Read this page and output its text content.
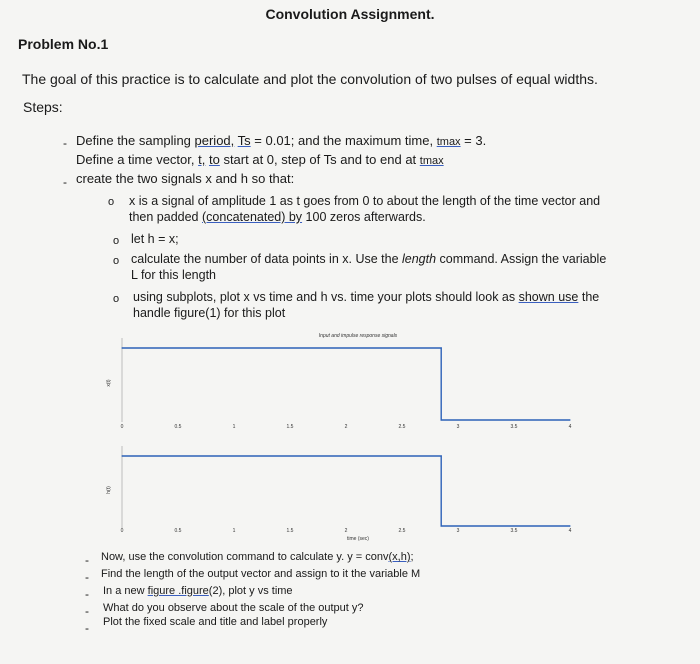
Convolution Assignment.
Problem No.1
The goal of this practice is to calculate and plot the convolution of two pulses of equal widths.
Steps:
- Define the sampling period, Ts = 0.01; and the maximum time, tmax = 3.
Define a time vector, t, to start at 0, step of Ts and to end at tmax
- create the two signals x and h so that:
o x is a signal of amplitude 1 as t goes from 0 to about the length of the time vector and
then padded (concatenated) by 100 zeros afterwards.
o let h = x;
o calculate the number of data points in x. Use the length command. Assign the variable
L for this length
o using subplots, plot x vs time and h vs. time your plots should look as shown use the
handle figure(1) for this plot
0	0.5	1	1.5	2	2.5	3	3.5	4
x(t)
Input and impulse response signals
0	0.5	1	1.5	2	2.5	3	3.5	4
h(t)
time (sec)
- Now, use the convolution command to calculate y. y = conv(x,h);
- Find the length of the output vector and assign to it the variable M
- In a new figure .figure(2), plot y vs time
- What do you observe about the scale of the output y?
- Plot the fixed scale and title and label properly
